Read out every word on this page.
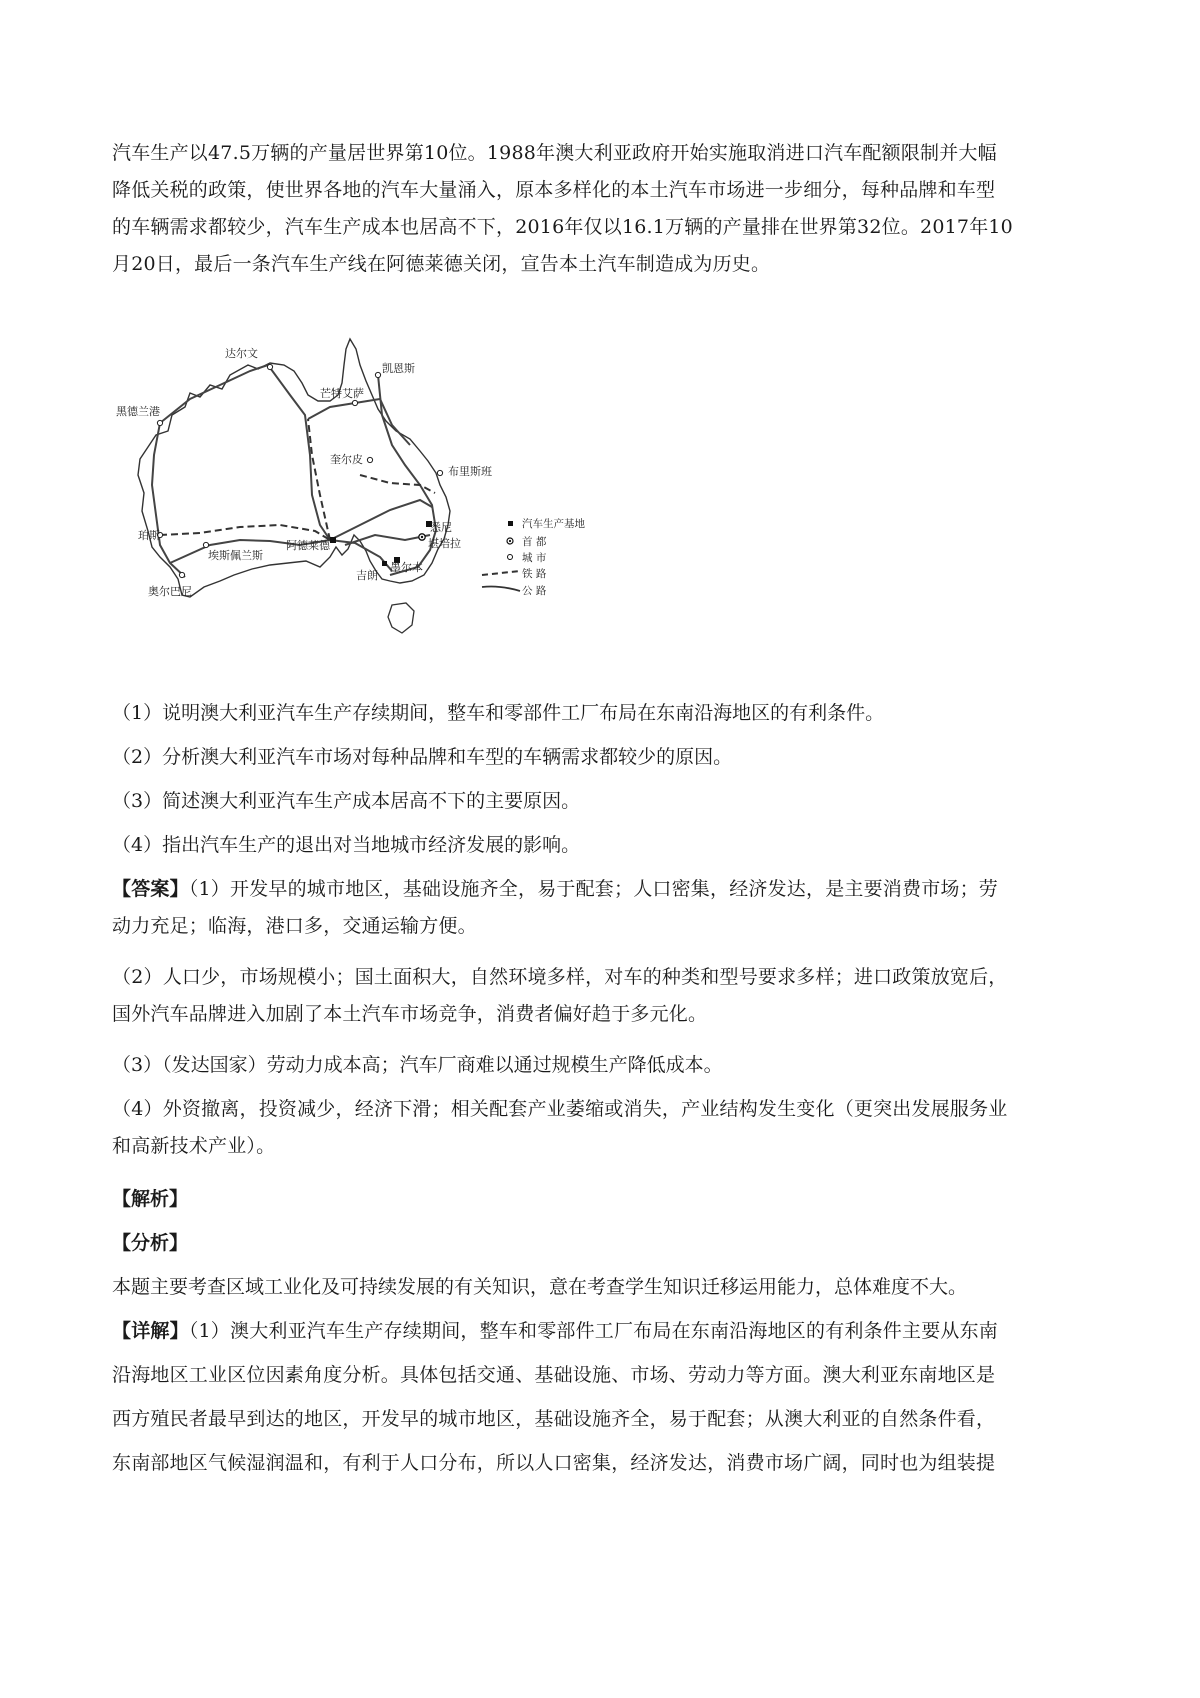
汽车生产以47.5万辆的产量居世界第10位。1988年澳大利亚政府开始实施取消进口汽车配额限制并大幅
降低关税的政策，使世界各地的汽车大量涌入，原本多样化的本土汽车市场进一步细分，每种品牌和车型
的车辆需求都较少，汽车生产成本也居高不下，2016年仅以16.1万辆的产量排在世界第32位。2017年10
月20日，最后一条汽车生产线在阿德莱德关闭，宣告本土汽车制造成为历史。
达尔文
凯恩斯
芒特艾萨
黑德兰港
奎尔皮
布里斯班
珀斯
埃斯佩兰斯
奥尔巴尼
阿德莱德
悉尼
堪培拉
吉朗
墨尔本
汽车生产基地
首 都
城 市
铁 路
公 路

（1）说明澳大利亚汽车生产存续期间，整车和零部件工厂布局在东南沿海地区的有利条件。

（2）分析澳大利亚汽车市场对每种品牌和车型的车辆需求都较少的原因。

（3）简述澳大利亚汽车生产成本居高不下的主要原因。

（4）指出汽车生产的退出对当地城市经济发展的影响。

【答案】（1）开发早的城市地区，基础设施齐全，易于配套；人口密集，经济发达，是主要消费市场；劳
动力充足；临海，港口多，交通运输方便。
（2）人口少，市场规模小；国土面积大，自然环境多样，对车的种类和型号要求多样；进口政策放宽后，
国外汽车品牌进入加剧了本土汽车市场竞争，消费者偏好趋于多元化。

（3）（发达国家）劳动力成本高；汽车厂商难以通过规模生产降低成本。

（4）外资撤离，投资减少，经济下滑；相关配套产业萎缩或消失，产业结构发生变化（更突出发展服务业
和高新技术产业）。

【解析】

【分析】

本题主要考查区域工业化及可持续发展的有关知识，意在考查学生知识迁移运用能力，总体难度不大。

【详解】（1）澳大利亚汽车生产存续期间，整车和零部件工厂布局在东南沿海地区的有利条件主要从东南
沿海地区工业区位因素角度分析。具体包括交通、基础设施、市场、劳动力等方面。澳大利亚东南地区是
西方殖民者最早到达的地区，开发早的城市地区，基础设施齐全，易于配套；从澳大利亚的自然条件看，
东南部地区气候湿润温和，有利于人口分布，所以人口密集，经济发达，消费市场广阔，同时也为组装提
